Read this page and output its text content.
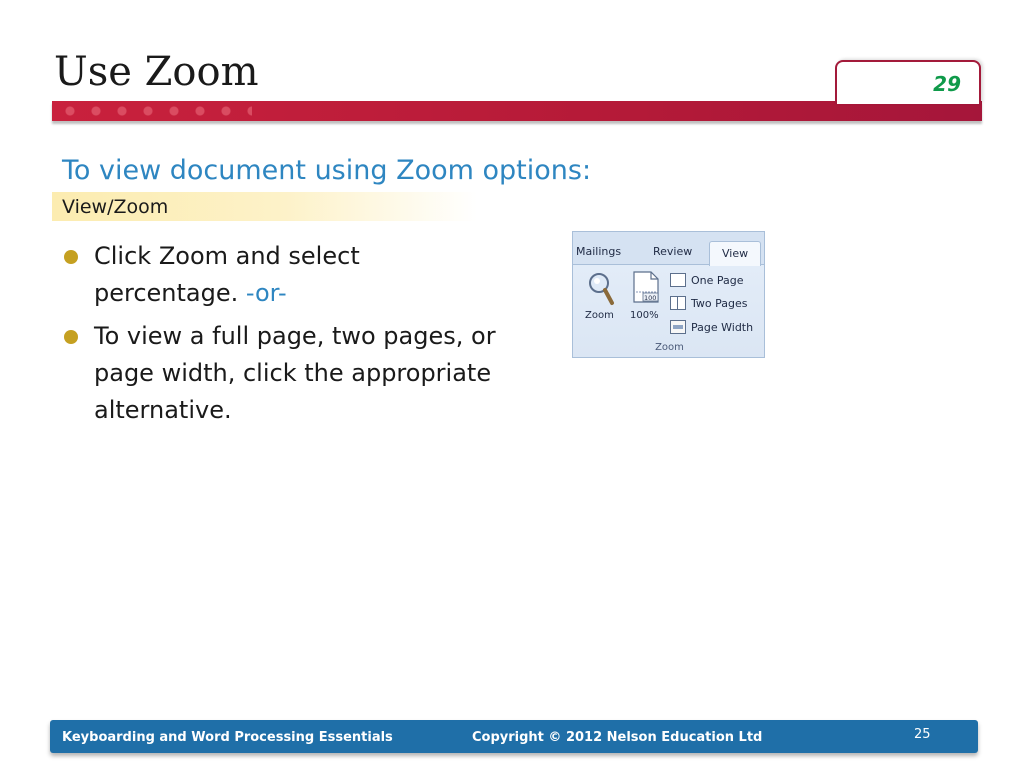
Use Zoom	29
To view document using Zoom options:
View/Zoom
Click Zoom and select percentage. -or-
To view a full page, two pages, or page width, click the appropriate alternative.
Mailings	Review	View
Zoom
100
100%
One Page
Two Pages
Page Width
Zoom
Keyboarding and Word Processing Essentials	Copyright © 2012 Nelson Education Ltd	25
